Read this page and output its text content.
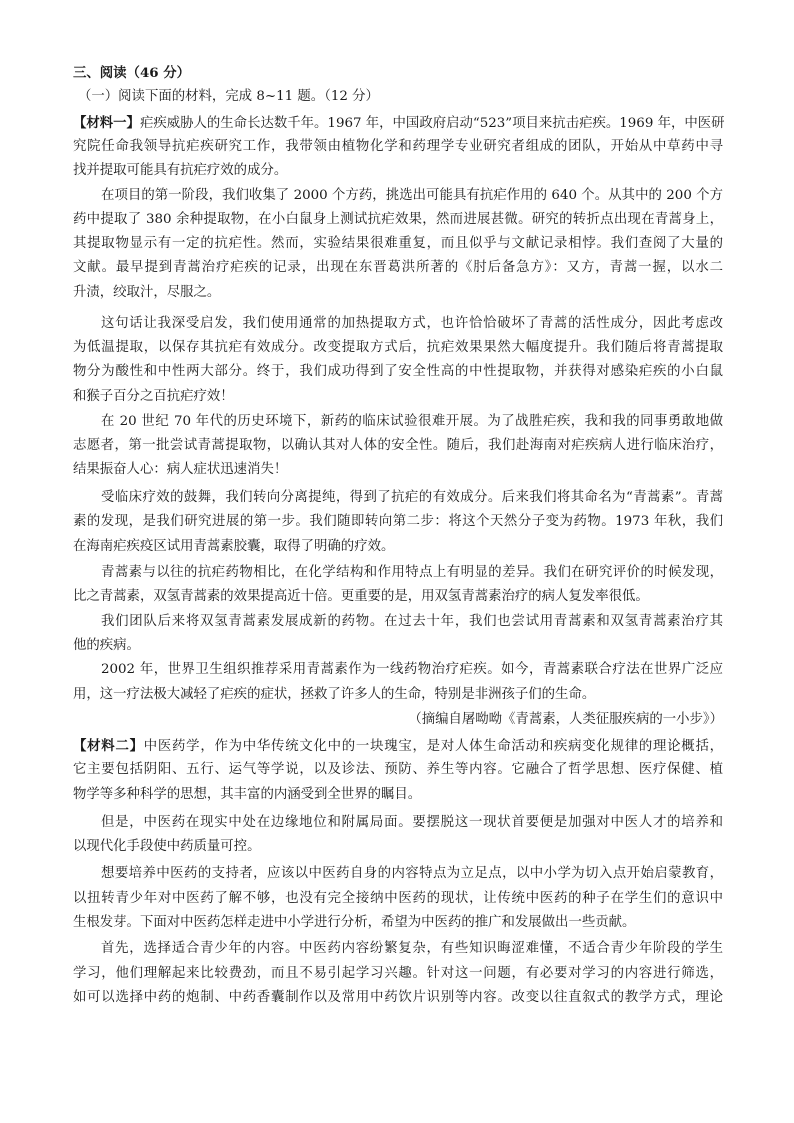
三、阅读（46 分）
（一）阅读下面的材料，完成 8~11 题。（12 分）
【材料一】疟疾威胁人的生命长达数千年。1967 年，中国政府启动“523”项目来抗击疟疾。1969 年，中医研
究院任命我领导抗疟疾研究工作，我带领由植物化学和药理学专业研究者组成的团队，开始从中草药中寻
找并提取可能具有抗疟疗效的成分。
在项目的第一阶段，我们收集了 2000 个方药，挑选出可能具有抗疟作用的 640 个。从其中的 200 个方
药中提取了 380 余种提取物，在小白鼠身上测试抗疟效果，然而进展甚微。研究的转折点出现在青蒿身上，
其提取物显示有一定的抗疟性。然而，实验结果很难重复，而且似乎与文献记录相悖。我们查阅了大量的
文献。最早提到青蒿治疗疟疾的记录，出现在东晋葛洪所著的《肘后备急方》：又方，青蒿一握，以水二
升渍，绞取汁，尽服之。
这句话让我深受启发，我们使用通常的加热提取方式，也许恰恰破坏了青蒿的活性成分，因此考虑改
为低温提取，以保存其抗疟有效成分。改变提取方式后，抗疟效果果然大幅度提升。我们随后将青蒿提取
物分为酸性和中性两大部分。终于，我们成功得到了安全性高的中性提取物，并获得对感染疟疾的小白鼠
和猴子百分之百抗疟疗效！
在 20 世纪 70 年代的历史环境下，新药的临床试验很难开展。为了战胜疟疾，我和我的同事勇敢地做
志愿者，第一批尝试青蒿提取物，以确认其对人体的安全性。随后，我们赴海南对疟疾病人进行临床治疗，
结果振奋人心：病人症状迅速消失！
受临床疗效的鼓舞，我们转向分离提纯，得到了抗疟的有效成分。后来我们将其命名为“青蒿素”。青蒿
素的发现，是我们研究进展的第一步。我们随即转向第二步：将这个天然分子变为药物。1973 年秋，我们
在海南疟疾疫区试用青蒿素胶囊，取得了明确的疗效。
青蒿素与以往的抗疟药物相比，在化学结构和作用特点上有明显的差异。我们在研究评价的时候发现，
比之青蒿素，双氢青蒿素的效果提高近十倍。更重要的是，用双氢青蒿素治疗的病人复发率很低。
我们团队后来将双氢青蒿素发展成新的药物。在过去十年，我们也尝试用青蒿素和双氢青蒿素治疗其
他的疾病。
2002 年，世界卫生组织推荐采用青蒿素作为一线药物治疗疟疾。如今，青蒿素联合疗法在世界广泛应
用，这一疗法极大减轻了疟疾的症状，拯救了许多人的生命，特别是非洲孩子们的生命。
（摘编自屠呦呦《青蒿素，人类征服疾病的一小步》）
【材料二】中医药学，作为中华传统文化中的一块瑰宝，是对人体生命活动和疾病变化规律的理论概括，
它主要包括阴阳、五行、运气等学说，以及诊法、预防、养生等内容。它融合了哲学思想、医疗保健、植
物学等多种科学的思想，其丰富的内涵受到全世界的瞩目。
但是，中医药在现实中处在边缘地位和附属局面。要摆脱这一现状首要便是加强对中医人才的培养和
以现代化手段使中药质量可控。
想要培养中医药的支持者，应该以中医药自身的内容特点为立足点，以中小学为切入点开始启蒙教育，
以扭转青少年对中医药了解不够，也没有完全接纳中医药的现状，让传统中医药的种子在学生们的意识中
生根发芽。下面对中医药怎样走进中小学进行分析，希望为中医药的推广和发展做出一些贡献。
首先，选择适合青少年的内容。中医药内容纷繁复杂，有些知识晦涩难懂，不适合青少年阶段的学生
学习，他们理解起来比较费劲，而且不易引起学习兴趣。针对这一问题，有必要对学习的内容进行筛选，
如可以选择中药的炮制、中药香囊制作以及常用中药饮片识别等内容。改变以往直叙式的教学方式，理论
